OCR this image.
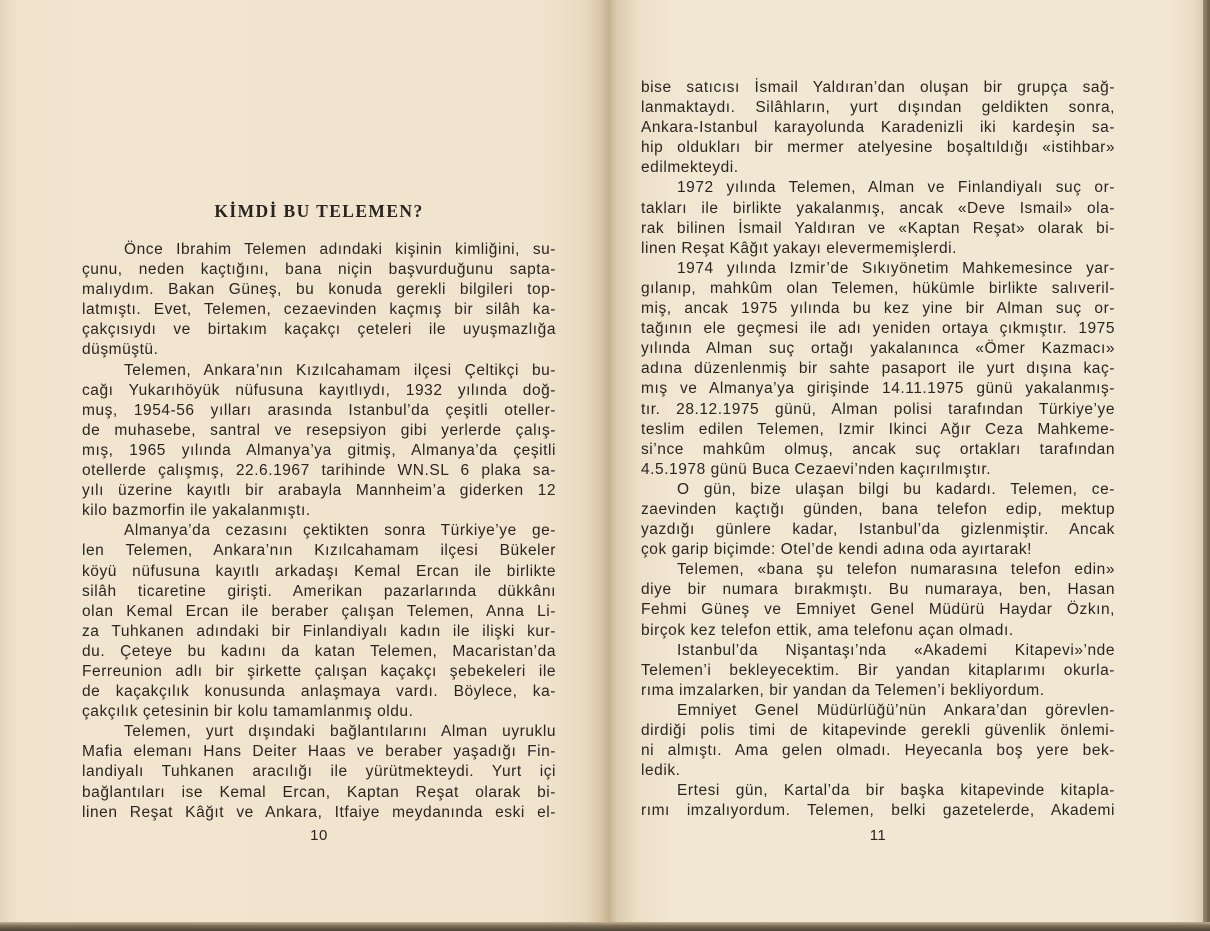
KİMDİ BU TELEMEN?
Önce Ibrahim Telemen adındaki kişinin kimliğini, su-
çunu, neden kaçtığını, bana niçin başvurduğunu sapta-
malıydım. Bakan Güneş, bu konuda gerekli bilgileri top-
latmıştı. Evet, Telemen, cezaevinden kaçmış bir silâh ka-
çakçısıydı ve birtakım kaçakçı çeteleri ile uyuşmazlığa
düşmüştü.
Telemen, Ankara’nın Kızılcahamam ilçesi Çeltikçi bu-
cağı Yukarıhöyük nüfusuna kayıtlıydı, 1932 yılında doğ-
muş, 1954-56 yılları arasında Istanbul’da çeşitli oteller-
de muhasebe, santral ve resepsiyon gibi yerlerde çalış-
mış, 1965 yılında Almanya’ya gitmiş, Almanya’da çeşitli
otellerde çalışmış, 22.6.1967 tarihinde WN.SL 6 plaka sa-
yılı üzerine kayıtlı bir arabayla Mannheim’a giderken 12
kilo bazmorfin ile yakalanmıştı.
Almanya’da cezasını çektikten sonra Türkiye’ye ge-
len Telemen, Ankara’nın Kızılcahamam ilçesi Bükeler
köyü nüfusuna kayıtlı arkadaşı Kemal Ercan ile birlikte
silâh ticaretine girişti. Amerikan pazarlarında dükkânı
olan Kemal Ercan ile beraber çalışan Telemen, Anna Li-
za Tuhkanen adındaki bir Finlandiyalı kadın ile ilişki kur-
du. Çeteye bu kadını da katan Telemen, Macaristan’da
Ferreunion adlı bir şirkette çalışan kaçakçı şebekeleri ile
de kaçakçılık konusunda anlaşmaya vardı. Böylece, ka-
çakçılık çetesinin bir kolu tamamlanmış oldu.
Telemen, yurt dışındaki bağlantılarını Alman uyruklu
Mafia elemanı Hans Deiter Haas ve beraber yaşadığı Fin-
landiyalı Tuhkanen aracılığı ile yürütmekteydi. Yurt içi
bağlantıları ise Kemal Ercan, Kaptan Reşat olarak bi-
linen Reşat Kâğıt ve Ankara, Itfaiye meydanında eski el-
10
bise satıcısı İsmail Yaldıran’dan oluşan bir grupça sağ-
lanmaktaydı. Silâhların, yurt dışından geldikten sonra,
Ankara-Istanbul karayolunda Karadenizli iki kardeşin sa-
hip oldukları bir mermer atelyesine boşaltıldığı «istihbar»
edilmekteydi.
1972 yılında Telemen, Alman ve Finlandiyalı suç or-
takları ile birlikte yakalanmış, ancak «Deve Ismail» ola-
rak bilinen İsmail Yaldıran ve «Kaptan Reşat» olarak bi-
linen Reşat Kâğıt yakayı elevermemişlerdi.
1974 yılında Izmir’de Sıkıyönetim Mahkemesince yar-
gılanıp, mahkûm olan Telemen, hükümle birlikte salıveril-
miş, ancak 1975 yılında bu kez yine bir Alman suç or-
tağının ele geçmesi ile adı yeniden ortaya çıkmıştır. 1975
yılında Alman suç ortağı yakalanınca «Ömer Kazmacı»
adına düzenlenmiş bir sahte pasaport ile yurt dışına kaç-
mış ve Almanya’ya girişinde 14.11.1975 günü yakalanmış-
tır. 28.12.1975 günü, Alman polisi tarafından Türkiye’ye
teslim edilen Telemen, Izmir Ikinci Ağır Ceza Mahkeme-
si’nce mahkûm olmuş, ancak suç ortakları tarafından
4.5.1978 günü Buca Cezaevi’nden kaçırılmıştır.
O gün, bize ulaşan bilgi bu kadardı. Telemen, ce-
zaevinden kaçtığı günden, bana telefon edip, mektup
yazdığı günlere kadar, Istanbul’da gizlenmiştir. Ancak
çok garip biçimde: Otel’de kendi adına oda ayırtarak!
Telemen, «bana şu telefon numarasına telefon edin»
diye bir numara bırakmıştı. Bu numaraya, ben, Hasan
Fehmi Güneş ve Emniyet Genel Müdürü Haydar Özkın,
birçok kez telefon ettik, ama telefonu açan olmadı.
Istanbul’da Nişantaşı’nda «Akademi Kitapevi»’nde
Telemen’i bekleyecektim. Bir yandan kitaplarımı okurla-
rıma imzalarken, bir yandan da Telemen’i bekliyordum.
Emniyet Genel Müdürlüğü’nün Ankara’dan görevlen-
dirdiği polis timi de kitapevinde gerekli güvenlik önlemi-
ni almıştı. Ama gelen olmadı. Heyecanla boş yere bek-
ledik.
Ertesi gün, Kartal’da bir başka kitapevinde kitapla-
rımı imzalıyordum. Telemen, belki gazetelerde, Akademi
11
